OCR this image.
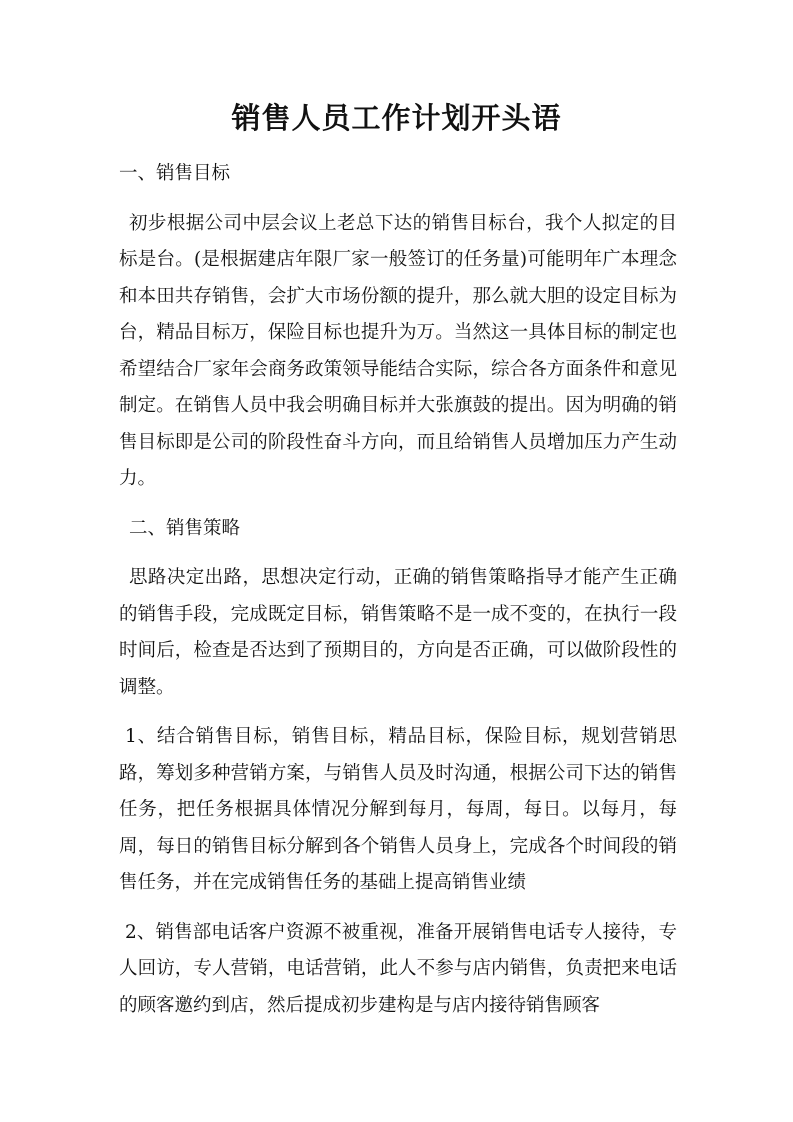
销售人员工作计划开头语

一、销售目标

初步根据公司中层会议上老总下达的销售目标台，我个人拟定的目标是台。(是根据建店年限厂家一般签订的任务量)可能明年广本理念和本田共存销售，会扩大市场份额的提升，那么就大胆的设定目标为台，精品目标万，保险目标也提升为万。当然这一具体目标的制定也希望结合厂家年会商务政策领导能结合实际，综合各方面条件和意见制定。在销售人员中我会明确目标并大张旗鼓的提出。因为明确的销售目标即是公司的阶段性奋斗方向，而且给销售人员增加压力产生动力。

二、销售策略

思路决定出路，思想决定行动，正确的销售策略指导才能产生正确的销售手段，完成既定目标，销售策略不是一成不变的，在执行一段时间后，检查是否达到了预期目的，方向是否正确，可以做阶段性的调整。

1、结合销售目标，销售目标，精品目标，保险目标，规划营销思路，筹划多种营销方案，与销售人员及时沟通，根据公司下达的销售任务，把任务根据具体情况分解到每月，每周，每日。以每月，每周，每日的销售目标分解到各个销售人员身上，完成各个时间段的销售任务，并在完成销售任务的基础上提高销售业绩

2、销售部电话客户资源不被重视，准备开展销售电话专人接待，专人回访，专人营销，电话营销，此人不参与店内销售，负责把来电话的顾客邀约到店，然后提成初步建构是与店内接待销售顾客
